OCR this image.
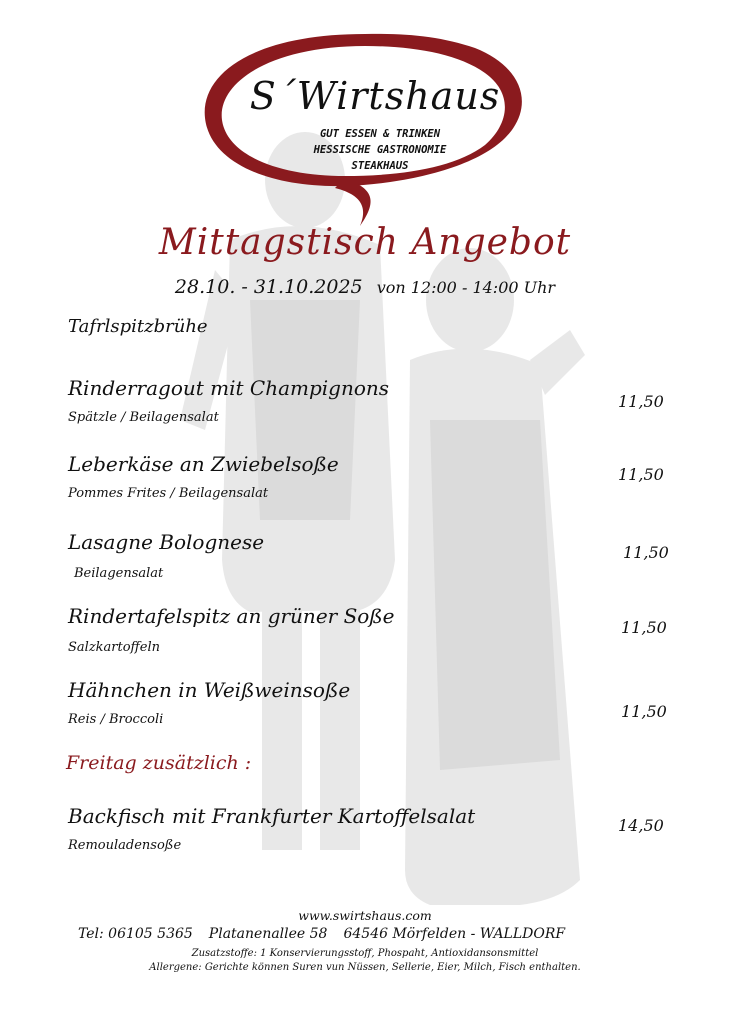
S´Wirtshaus
GUT ESSEN & TRINKEN
HESSISCHE GASTRONOMIE
STEAKHAUS
Mittagstisch Angebot
28.10. - 31.10.2025 von 12:00 - 14:00 Uhr
Tafrlspitzbrühe
Rinderragout mit Champignons
Spätzle / Beilagensalat
11,50
Leberkäse an Zwiebelsoße
Pommes Frites / Beilagensalat
11,50
Lasagne Bolognese
Beilagensalat
11,50
Rindertafelspitz an grüner Soße
Salzkartoffeln
11,50
Hähnchen in Weißweinsoße
Reis / Broccoli	11,50
Freitag zusätzlich :
Backfisch mit Frankfurter Kartoffelsalat
Remouladensoße
14,50
www.swirtshaus.com
Tel: 06105 5365 Platanenallee 58 64546 Mörfelden - WALLDORF
Zusatzstoffe: 1 Konservierungsstoff, Phospaht, Antioxidansonsmittel
Allergene: Gerichte können Suren vun Nüssen, Sellerie, Eier, Milch, Fisch enthalten.
